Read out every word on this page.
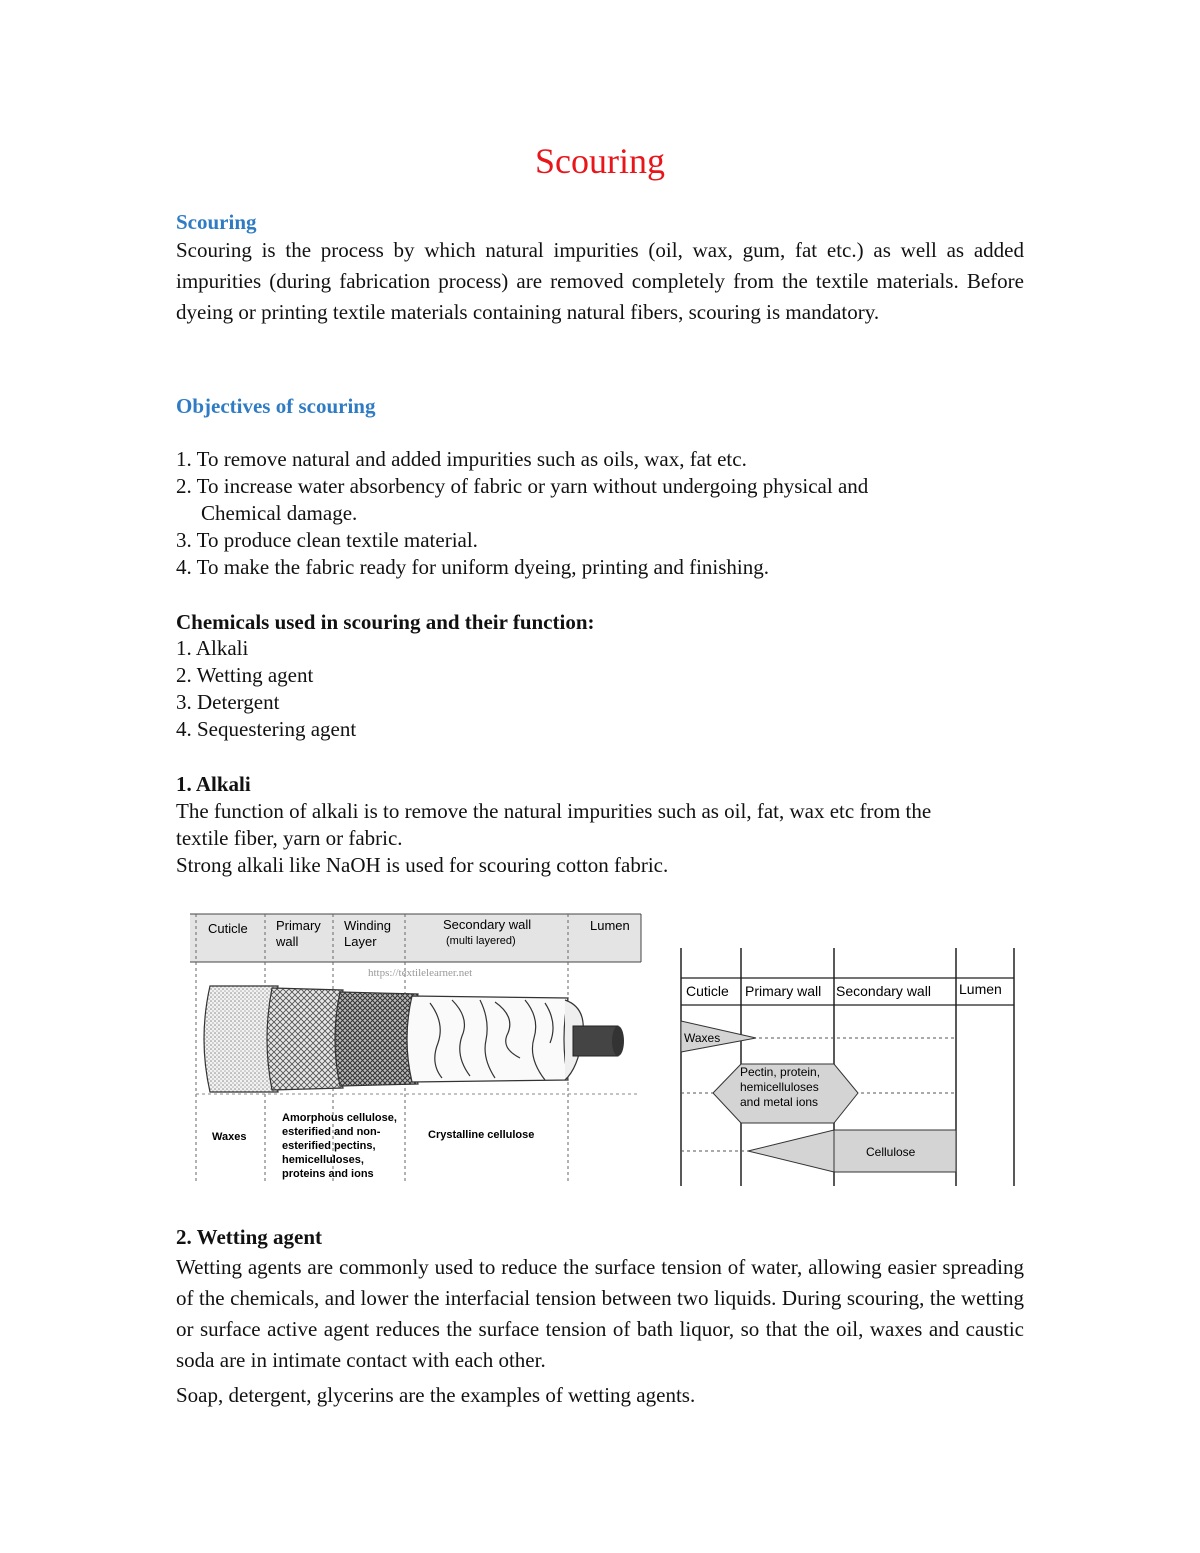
Scouring
Scouring
Scouring is the process by which natural impurities (oil, wax, gum, fat etc.) as well as added impurities (during fabrication process) are removed completely from the textile materials. Before dyeing or printing textile materials containing natural fibers, scouring is mandatory.
Objectives of scouring
1. To remove natural and added impurities such as oils, wax, fat etc.
2. To increase water absorbency of fabric or yarn without undergoing physical and
Chemical damage.
3. To produce clean textile material.
4. To make the fabric ready for uniform dyeing, printing and finishing.
Chemicals used in scouring and their function:
1. Alkali
2. Wetting agent
3. Detergent
4. Sequestering agent
1. Alkali
The function of alkali is to remove the natural impurities such as oil, fat, wax etc from the
textile fiber, yarn or fabric.
Strong alkali like NaOH is used for scouring cotton fabric.
Cuticle Primary
wall
Winding
Layer
Secondary wall
(multi layered)
Lumen
https://textilelearner.net
Waxes
Amorphous cellulose,
esterified and non-
esterified pectins,
hemicelluloses,
proteins and ions
Crystalline cellulose
Cuticle Primary wall Secondary wall Lumen
Waxes
Pectin, protein,
hemicelluloses
and metal ions
Cellulose
2. Wetting agent
Wetting agents are commonly used to reduce the surface tension of water, allowing easier spreading of the chemicals, and lower the interfacial tension between two liquids. During scouring, the wetting or surface active agent reduces the surface tension of bath liquor, so that the oil, waxes and caustic soda are in intimate contact with each other.
Soap, detergent, glycerins are the examples of wetting agents.
